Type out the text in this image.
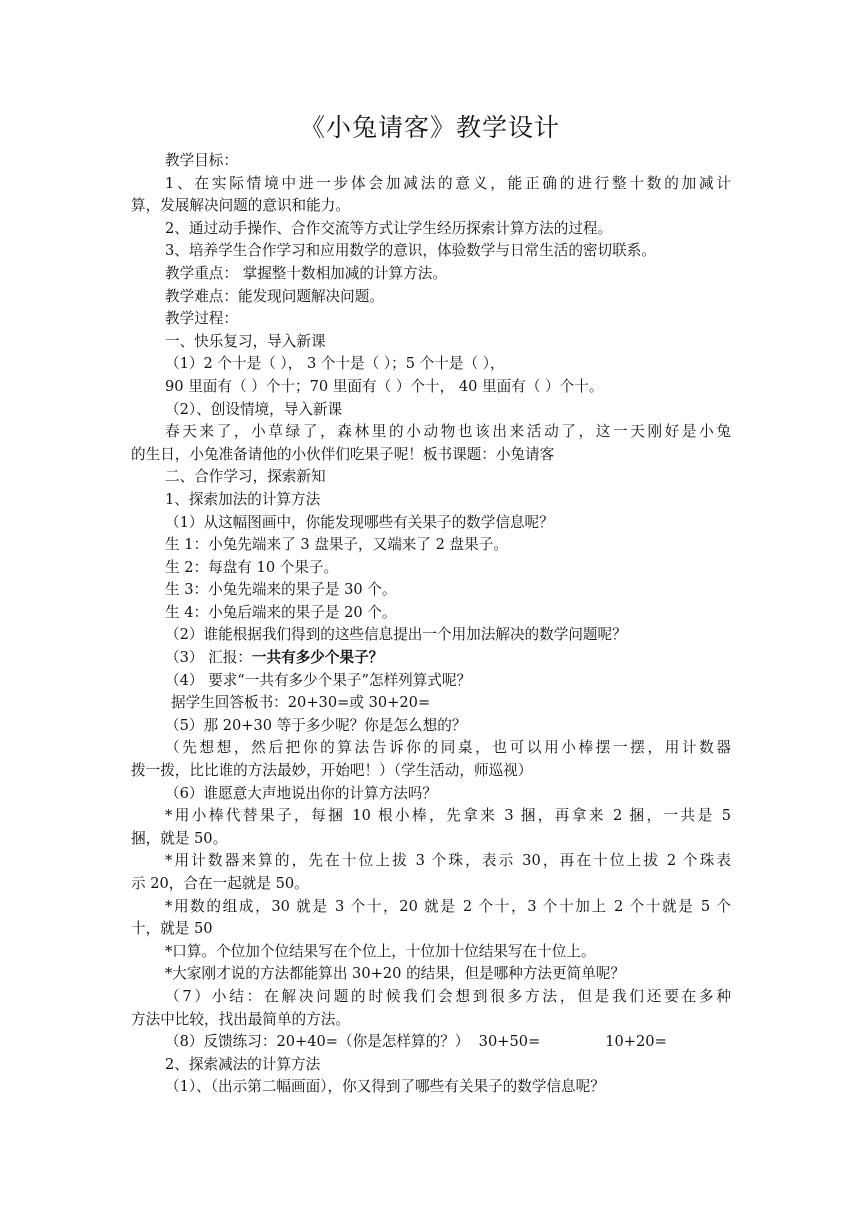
《小兔请客》教学设计
教学目标：
1、在实际情境中进一步体会加减法的意义，能正确的进行整十数的加减计
算，发展解决问题的意识和能力。
2、通过动手操作、合作交流等方式让学生经历探索计算方法的过程。
3、培养学生合作学习和应用数学的意识，体验数学与日常生活的密切联系。
教学重点： 掌握整十数相加减的计算方法。
教学难点：能发现问题解决问题。
教学过程：
一、快乐复习，导入新课
（1）2 个十是（ ）， 3 个十是（ ）；5 个十是（ ），
90 里面有（ ）个十；70 里面有（ ）个十， 40 里面有（ ）个十。
（2）、创设情境，导入新课
春天来了，小草绿了，森林里的小动物也该出来活动了，这一天刚好是小兔
的生日，小兔准备请他的小伙伴们吃果子呢！板书课题：小兔请客
二、合作学习，探索新知
1、探索加法的计算方法
（1）从这幅图画中，你能发现哪些有关果子的数学信息呢？
生 1：小兔先端来了 3 盘果子，又端来了 2 盘果子。
生 2：每盘有 10 个果子。
生 3：小兔先端来的果子是 30 个。
生 4：小兔后端来的果子是 20 个。
（2）谁能根据我们得到的这些信息提出一个用加法解决的数学问题呢？
（3） 汇报：一共有多少个果子？
（4） 要求“一共有多少个果子”怎样列算式呢？
据学生回答板书：20+30=或 30+20=
（5）那 20+30 等于多少呢？你是怎么想的？
（先想想，然后把你的算法告诉你的同桌，也可以用小棒摆一摆，用计数器
拨一拨，比比谁的方法最妙，开始吧！）（学生活动，师巡视）
（6）谁愿意大声地说出你的计算方法吗？
*用小棒代替果子，每捆 10 根小棒，先拿来 3 捆，再拿来 2 捆，一共是 5
捆，就是 50。
*用计数器来算的，先在十位上拔 3 个珠，表示 30，再在十位上拔 2 个珠表
示 20，合在一起就是 50。
*用数的组成，30 就是 3 个十，20 就是 2 个十，3 个十加上 2 个十就是 5 个
十，就是 50
*口算。个位加个位结果写在个位上，十位加十位结果写在十位上。
*大家刚才说的方法都能算出 30+20 的结果，但是哪种方法更简单呢？
（7）小结：在解决问题的时候我们会想到很多方法，但是我们还要在多种
方法中比较，找出最简单的方法。
（8）反馈练习：20+40=（你是怎样算的？）  30+50=              10+20=
2、探索减法的计算方法
（1）、（出示第二幅画面），你又得到了哪些有关果子的数学信息呢？
